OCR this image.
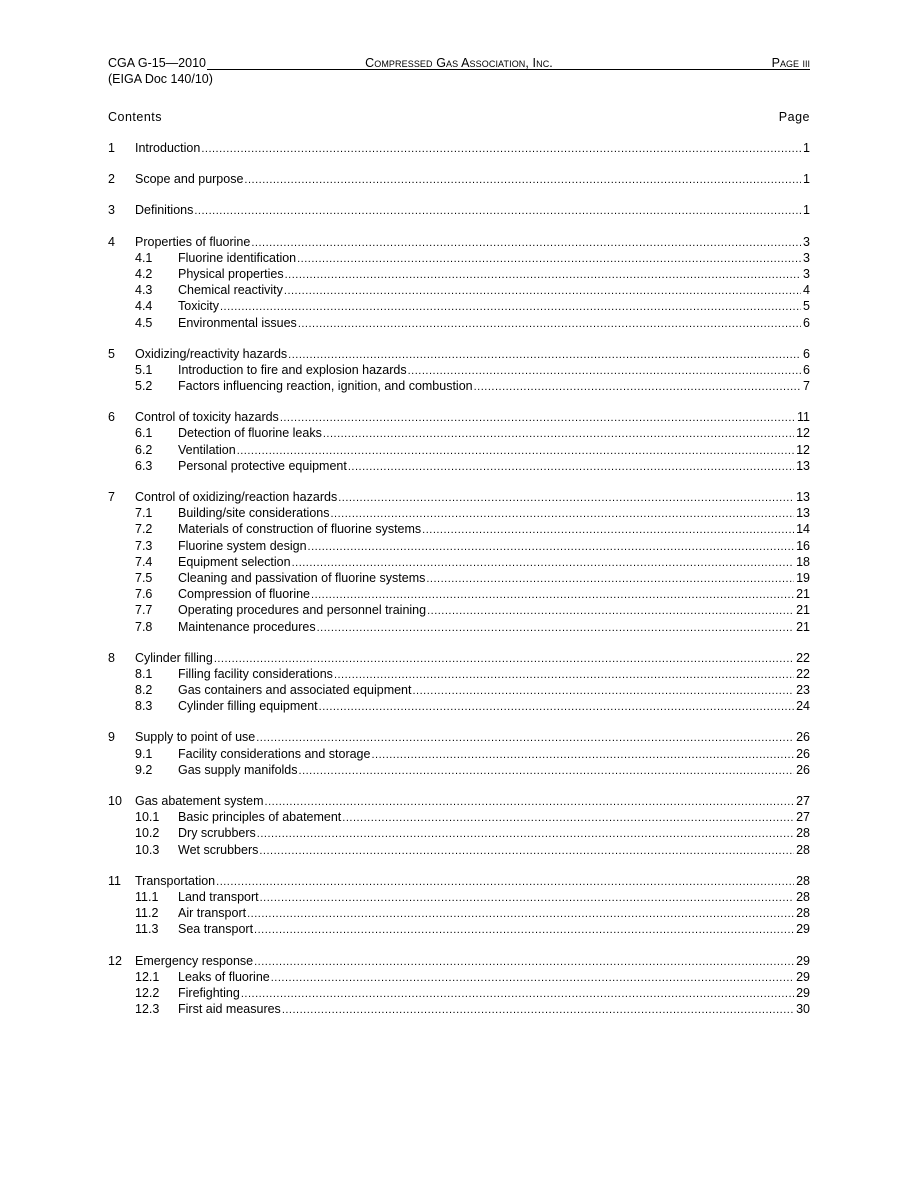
CGA G-15—2010	Compressed Gas Association, Inc.	Page iii
(EIGA Doc 140/10)
Contents	Page
1	Introduction .....	1
2	Scope and purpose .....	1
3	Definitions .....	1
4	Properties of fluorine .....	3
4.1	Fluorine identification .....	3
4.2	Physical properties .....	3
4.3	Chemical reactivity .....	4
4.4	Toxicity .....	5
4.5	Environmental issues .....	6
5	Oxidizing/reactivity hazards .....	6
5.1	Introduction to fire and explosion hazards .....	6
5.2	Factors influencing reaction, ignition, and combustion .....	7
6	Control of toxicity hazards .....	11
6.1	Detection of fluorine leaks .....	12
6.2	Ventilation .....	12
6.3	Personal protective equipment .....	13
7	Control of oxidizing/reaction hazards .....	13
7.1	Building/site considerations .....	13
7.2	Materials of construction of fluorine systems .....	14
7.3	Fluorine system design .....	16
7.4	Equipment selection .....	18
7.5	Cleaning and passivation of fluorine systems .....	19
7.6	Compression of fluorine .....	21
7.7	Operating procedures and personnel training .....	21
7.8	Maintenance procedures .....	21
8	Cylinder filling .....	22
8.1	Filling facility considerations .....	22
8.2	Gas containers and associated equipment .....	23
8.3	Cylinder filling equipment .....	24
9	Supply to point of use .....	26
9.1	Facility considerations and storage .....	26
9.2	Gas supply manifolds .....	26
10	Gas abatement system .....	27
10.1	Basic principles of abatement .....	27
10.2	Dry scrubbers .....	28
10.3	Wet scrubbers .....	28
11	Transportation .....	28
11.1	Land transport .....	28
11.2	Air transport .....	28
11.3	Sea transport .....	29
12	Emergency response .....	29
12.1	Leaks of fluorine .....	29
12.2	Firefighting .....	29
12.3	First aid measures .....	30
